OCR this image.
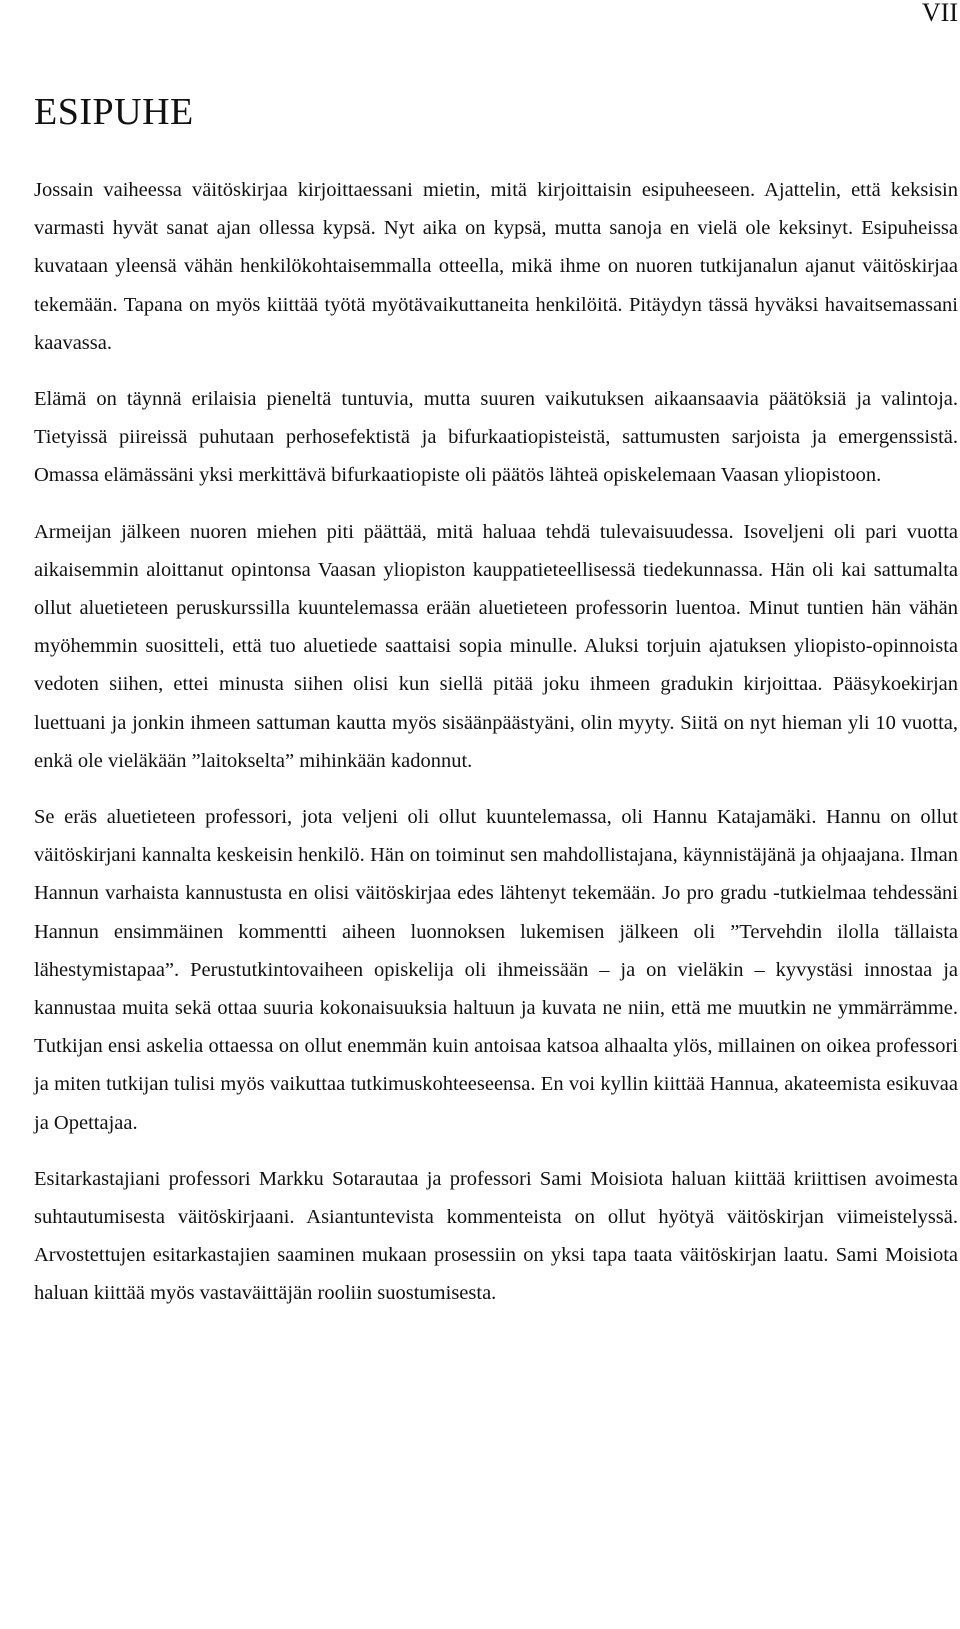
VII
ESIPUHE

Jossain vaiheessa väitöskirjaa kirjoittaessani mietin, mitä kirjoittaisin esipuheeseen. Ajattelin, että keksisin varmasti hyvät sanat ajan ollessa kypsä. Nyt aika on kypsä, mutta sanoja en vielä ole keksinyt. Esipuheissa kuvataan yleensä vähän henkilökohtaisemmalla otteella, mikä ihme on nuoren tutkijanalun ajanut väitöskirjaa tekemään. Tapana on myös kiittää työtä myötävaikuttaneita henkilöitä. Pitäydyn tässä hyväksi havaitsemassani kaavassa.

Elämä on täynnä erilaisia pieneltä tuntuvia, mutta suuren vaikutuksen aikaansaavia päätöksiä ja valintoja. Tietyissä piireissä puhutaan perhosefektistä ja bifurkaatiopisteistä, sattumusten sarjoista ja emergenssistä. Omassa elämässäni yksi merkittävä bifurkaatiopiste oli päätös lähteä opiskelemaan Vaasan yliopistoon.

Armeijan jälkeen nuoren miehen piti päättää, mitä haluaa tehdä tulevaisuudessa. Isoveljeni oli pari vuotta aikaisemmin aloittanut opintonsa Vaasan yliopiston kauppatieteellisessä tiedekunnassa. Hän oli kai sattumalta ollut aluetieteen peruskurssilla kuuntelemassa erään aluetieteen professorin luentoa. Minut tuntien hän vähän myöhemmin suositteli, että tuo aluetiede saattaisi sopia minulle. Aluksi torjuin ajatuksen yliopisto-opinnoista vedoten siihen, ettei minusta siihen olisi kun siellä pitää joku ihmeen gradukin kirjoittaa. Pääsykoekirjan luettuani ja jonkin ihmeen sattuman kautta myös sisäänpäästyäni, olin myyty. Siitä on nyt hieman yli 10 vuotta, enkä ole vieläkään ”laitokselta” mihinkään kadonnut.

Se eräs aluetieteen professori, jota veljeni oli ollut kuuntelemassa, oli Hannu Katajamäki. Hannu on ollut väitöskirjani kannalta keskeisin henkilö. Hän on toiminut sen mahdollistajana, käynnistäjänä ja ohjaajana. Ilman Hannun varhaista kannustusta en olisi väitöskirjaa edes lähtenyt tekemään. Jo pro gradu -tutkielmaa tehdessäni Hannun ensimmäinen kommentti aiheen luonnoksen lukemisen jälkeen oli ”Tervehdin ilolla tällaista lähestymistapaa”. Perustutkintovaiheen opiskelija oli ihmeissään – ja on vieläkin – kyvystäsi innostaa ja kannustaa muita sekä ottaa suuria kokonaisuuksia haltuun ja kuvata ne niin, että me muutkin ne ymmärrämme. Tutkijan ensi askelia ottaessa on ollut enemmän kuin antoisaa katsoa alhaalta ylös, millainen on oikea professori ja miten tutkijan tulisi myös vaikuttaa tutkimuskohteeseensa. En voi kyllin kiittää Hannua, akateemista esikuvaa ja Opettajaa.

Esitarkastajiani professori Markku Sotarautaa ja professori Sami Moisiota haluan kiittää kriittisen avoimesta suhtautumisesta väitöskirjaani. Asiantuntevista kommenteista on ollut hyötyä väitöskirjan viimeistelyssä. Arvostettujen esitarkastajien saaminen mukaan prosessiin on yksi tapa taata väitöskirjan laatu. Sami Moisiota haluan kiittää myös vastaväittäjän rooliin suostumisesta.
